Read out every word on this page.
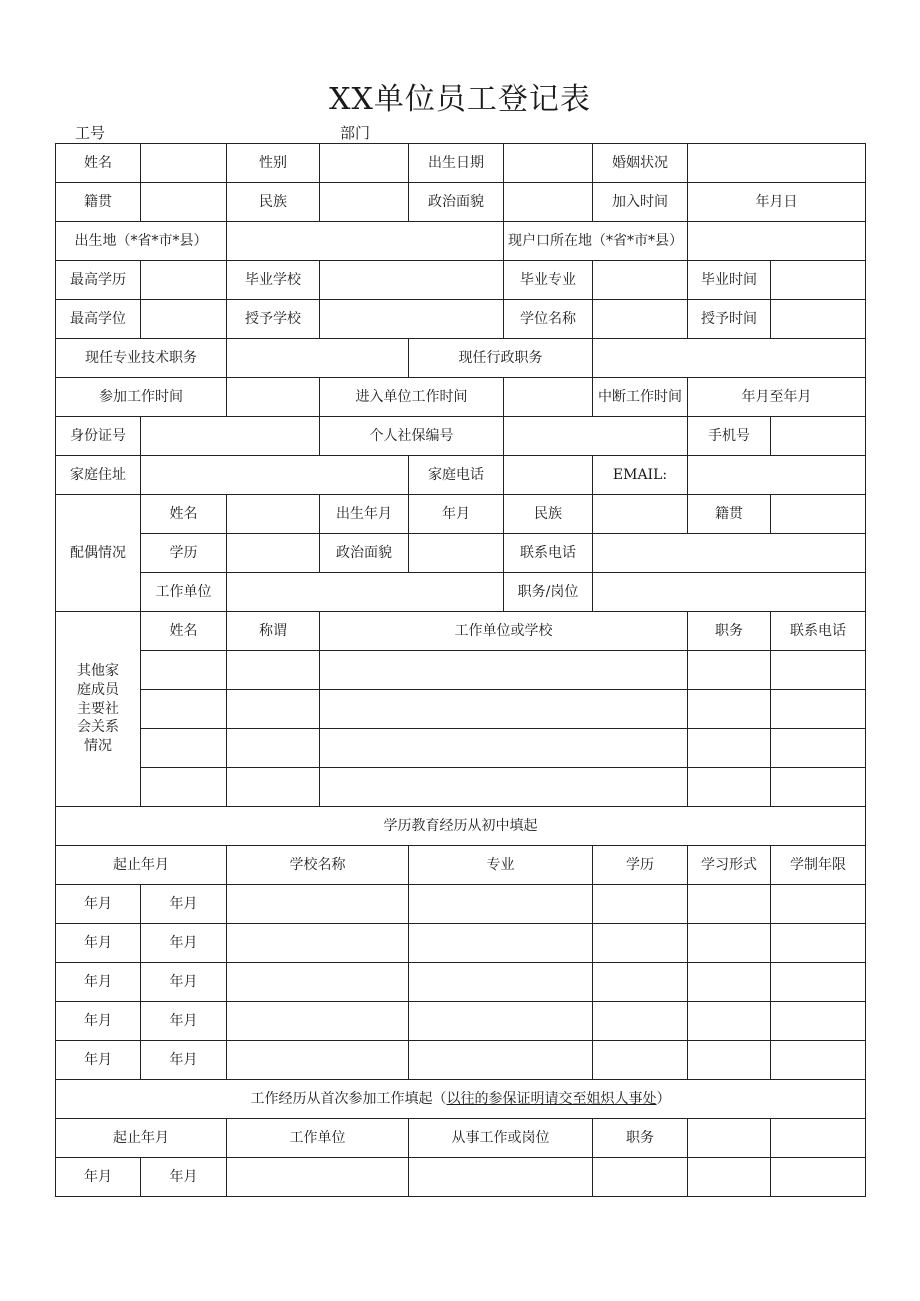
XX单位员工登记表
工号	部门
姓名		性别		出生日期		婚姻状况		
籍贯		民族		政治面貌		加入时间	年月日	
出生地（*省*市*县）					现户口所在地（*省*市*县）			
最高学历		毕业学校			毕业专业		毕业时间	
最高学位		授予学校			学位名称		授予时间	
现任专业技术职务				现任行政职务				
参加工作时间			进入单位工作时间			中断工作时间	年月至年月	
身份证号			个人社保编号				手机号	
家庭住址				家庭电话		EMAIL:		
配偶情况	姓名		出生年月	年月	民族		籍贯	
	学历		政治面貌		联系电话			
	工作单位				职务/岗位			
其他家庭成员主要社会关系情况	姓名	称谓	工作单位或学校				职务	联系电话

学历教育经历从初中填起								
起止年月		学校名称		专业		学历	学习形式	学制年限
年月	年月							
年月	年月							
年月	年月							
年月	年月							
年月	年月							
工作经历从首次参加工作填起（以往的参保证明请交至姐炽人事处）								
起止年月		工作单位		从事工作或岗位		职务		
年月	年月							
